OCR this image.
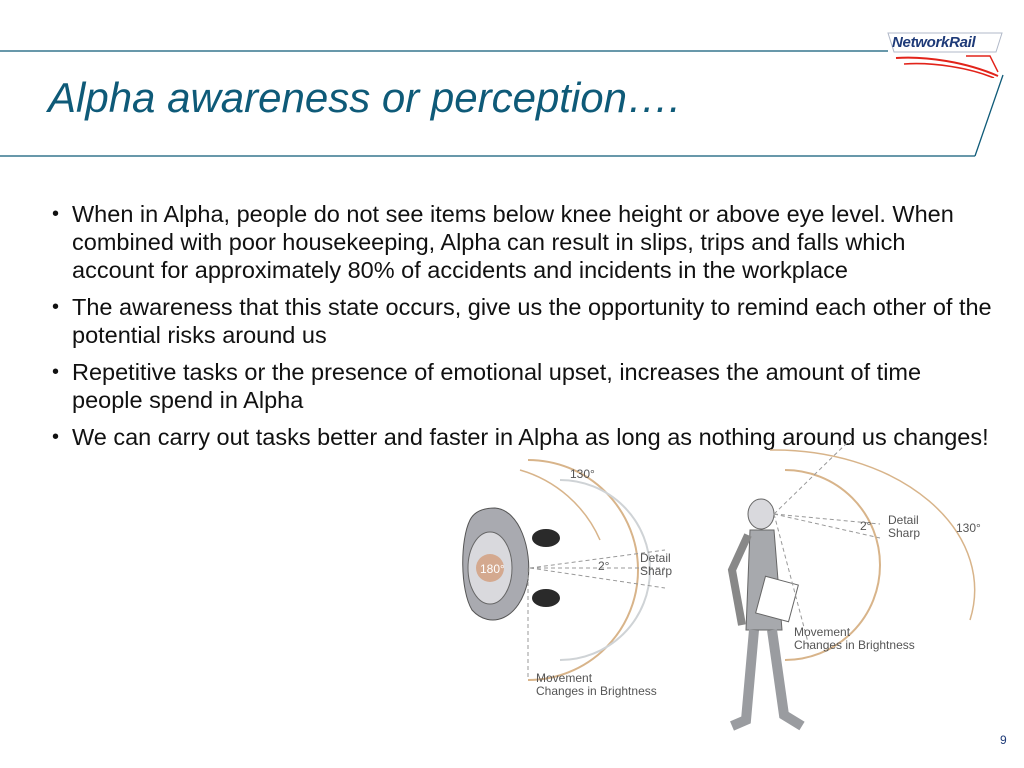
NetworkRail
Alpha awareness or perception….
• When in Alpha, people do not see items below knee height or above eye level. When combined with poor housekeeping, Alpha can result in slips, trips and falls which account for approximately 80% of accidents and incidents in the workplace
• The awareness that this state occurs, give us the opportunity to remind each other of the potential risks around us
• Repetitive tasks or the presence of emotional upset, increases the amount of time people spend in Alpha
• We can carry out tasks better and faster in Alpha as long as nothing around us changes!
180°
130°
2°
Detail
Sharp
Movement
Changes in Brightness
2° Detail
Sharp	130°
Movement
Changes in Brightness
9
